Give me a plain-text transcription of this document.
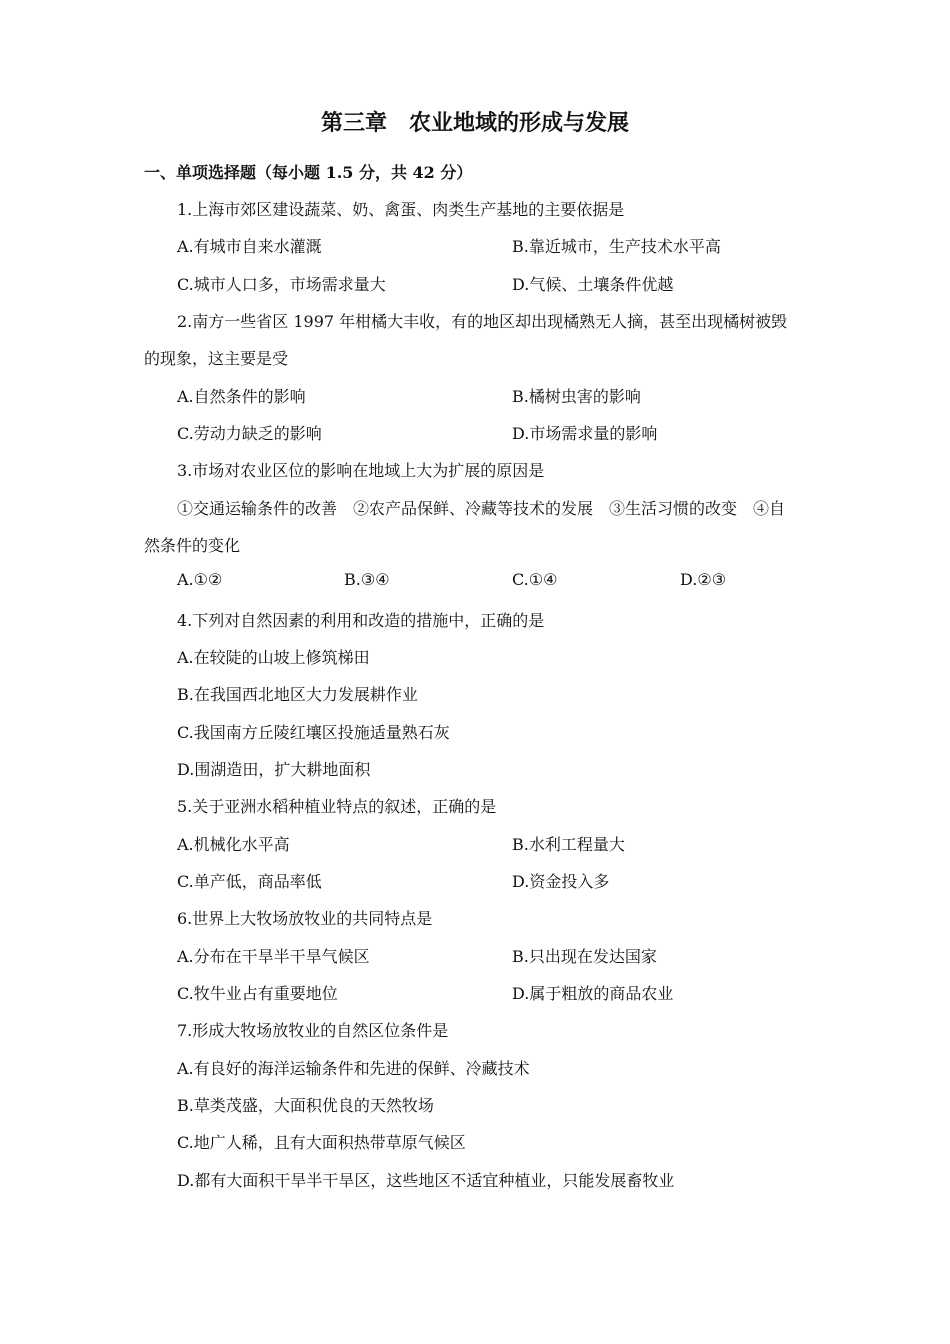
第三章　农业地域的形成与发展
一、单项选择题（每小题 1.5 分，共 42 分）
1.上海市郊区建设蔬菜、奶、禽蛋、肉类生产基地的主要依据是
A.有城市自来水灌溉	B.靠近城市，生产技术水平高
C.城市人口多，市场需求量大	D.气候、土壤条件优越
2.南方一些省区 1997 年柑橘大丰收，有的地区却出现橘熟无人摘，甚至出现橘树被毁
的现象，这主要是受
A.自然条件的影响	B.橘树虫害的影响
C.劳动力缺乏的影响	D.市场需求量的影响
3.市场对农业区位的影响在地域上大为扩展的原因是
①交通运输条件的改善　②农产品保鲜、冷藏等技术的发展　③生活习惯的改变　④自
然条件的变化
A.①②	B.③④	C.①④	D.②③
4.下列对自然因素的利用和改造的措施中，正确的是
A.在较陡的山坡上修筑梯田
B.在我国西北地区大力发展耕作业
C.我国南方丘陵红壤区投施适量熟石灰
D.围湖造田，扩大耕地面积
5.关于亚洲水稻种植业特点的叙述，正确的是
A.机械化水平高	B.水利工程量大
C.单产低，商品率低	D.资金投入多
6.世界上大牧场放牧业的共同特点是
A.分布在干旱半干旱气候区	B.只出现在发达国家
C.牧牛业占有重要地位	D.属于粗放的商品农业
7.形成大牧场放牧业的自然区位条件是
A.有良好的海洋运输条件和先进的保鲜、冷藏技术
B.草类茂盛，大面积优良的天然牧场
C.地广人稀，且有大面积热带草原气候区
D.都有大面积干旱半干旱区，这些地区不适宜种植业，只能发展畜牧业
